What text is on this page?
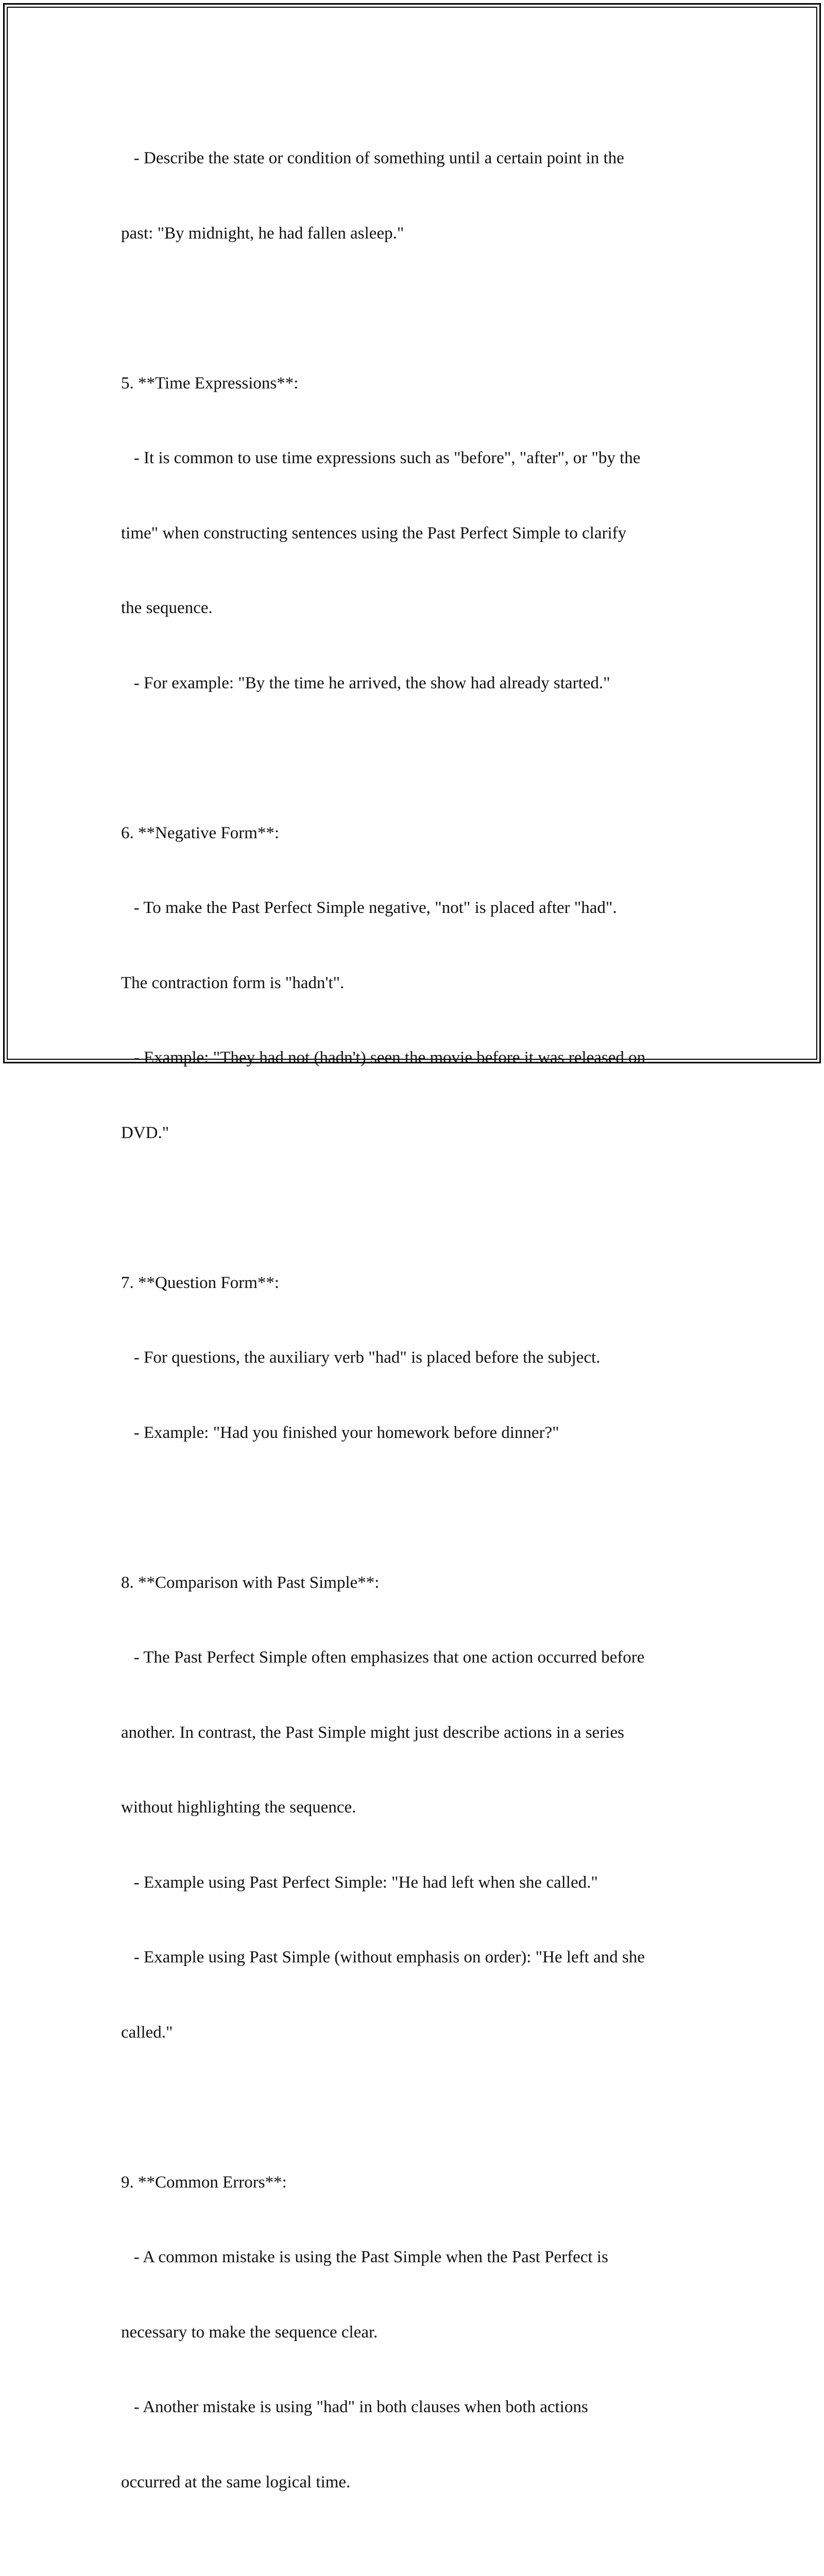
- Describe the state or condition of something until a certain point in the

past: "By midnight, he had fallen asleep."

5. **Time Expressions**:

- It is common to use time expressions such as "before", "after", or "by the

time" when constructing sentences using the Past Perfect Simple to clarify

the sequence.

- For example: "By the time he arrived, the show had already started."

6. **Negative Form**:

- To make the Past Perfect Simple negative, "not" is placed after "had".

The contraction form is "hadn't".

- Example: "They had not (hadn't) seen the movie before it was released on

DVD."

7. **Question Form**:

- For questions, the auxiliary verb "had" is placed before the subject.

- Example: "Had you finished your homework before dinner?"

8. **Comparison with Past Simple**:

- The Past Perfect Simple often emphasizes that one action occurred before

another. In contrast, the Past Simple might just describe actions in a series

without highlighting the sequence.

- Example using Past Perfect Simple: "He had left when she called."

- Example using Past Simple (without emphasis on order): "He left and she

called."

9. **Common Errors**:

- A common mistake is using the Past Simple when the Past Perfect is

necessary to make the sequence clear.

- Another mistake is using "had" in both clauses when both actions

occurred at the same logical time.
